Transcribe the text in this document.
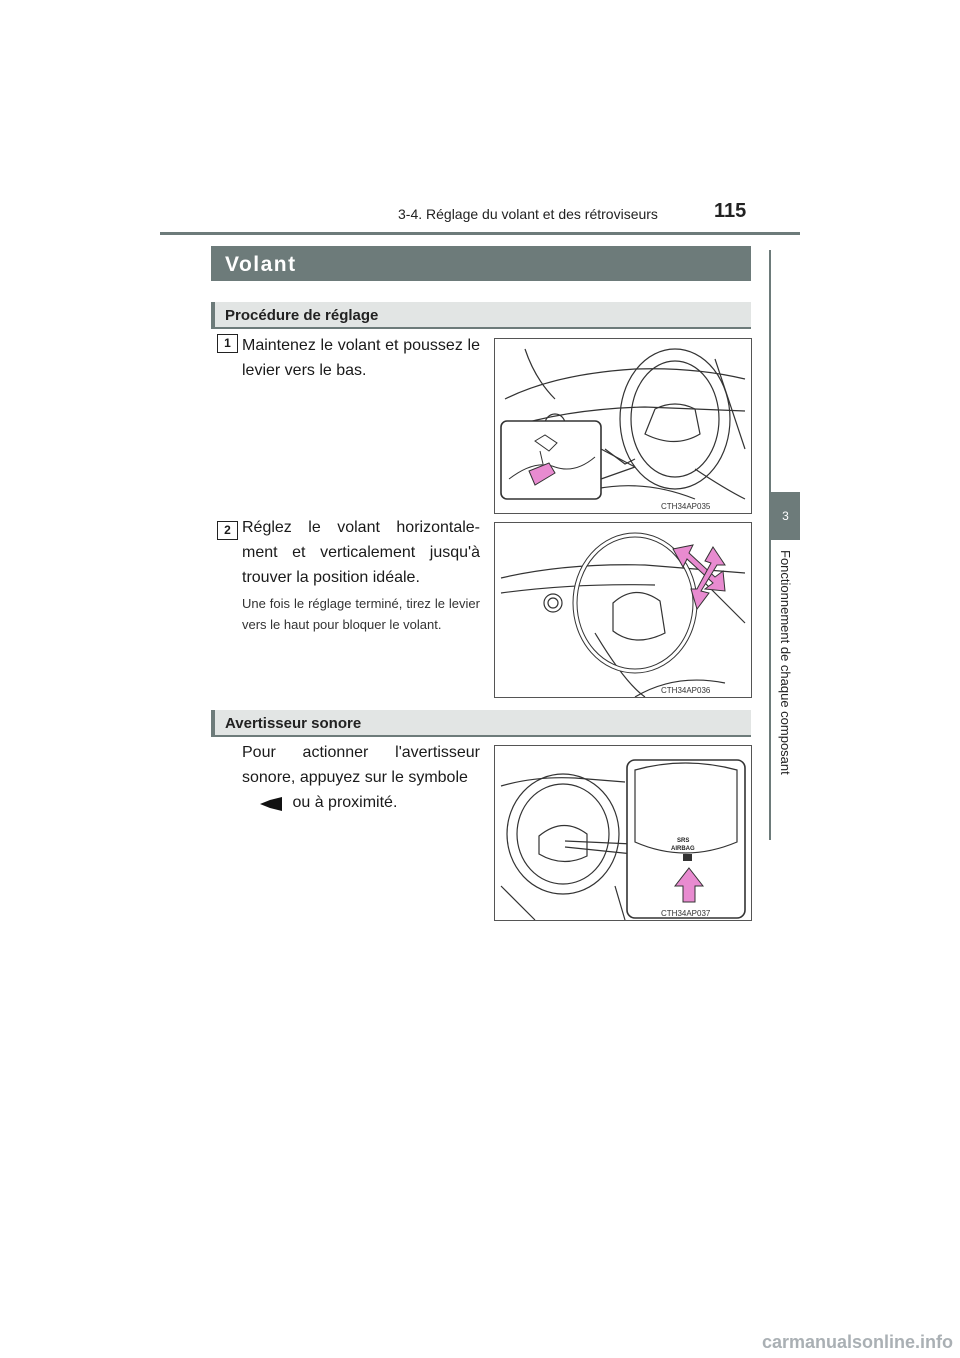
3-4. Réglage du volant et des rétroviseurs	115
3
Fonctionnement de chaque composant
Volant
Procédure de réglage
1 Maintenez le volant et poussez le levier vers le bas.
CTH34AP035
2 Réglez le volant horizontale- ment et verticalement jusqu'à trouver la position idéale.
Une fois le réglage terminé, tirez le levier vers le haut pour bloquer le volant.
CTH34AP036
Avertisseur sonore
Pour actionner l'avertisseur sonore, appuyez sur le symbole
ou à proximité.
SRS
AIRBAG
CTH34AP037
carmanualsonline.info
